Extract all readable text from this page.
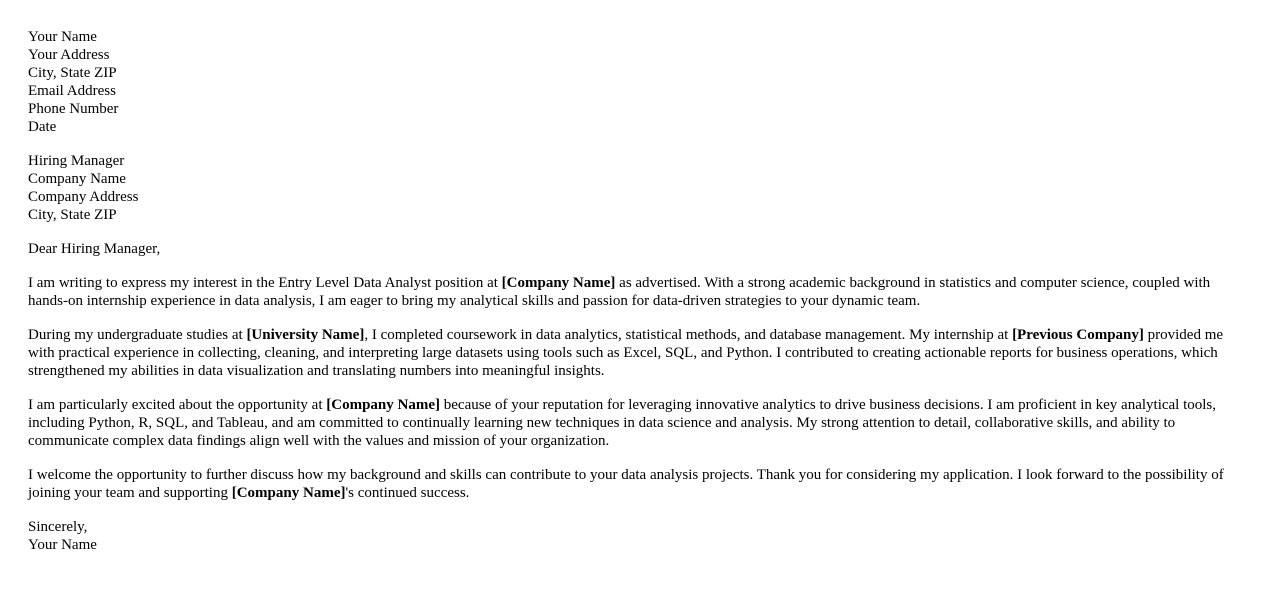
Your Name
Your Address
City, State ZIP
Email Address
Phone Number
Date
Hiring Manager
Company Name
Company Address
City, State ZIP
Dear Hiring Manager,

I am writing to express my interest in the Entry Level Data Analyst position at [Company Name] as advertised. With a strong academic background in statistics and computer science, coupled with hands-on internship experience in data analysis, I am eager to bring my analytical skills and passion for data-driven strategies to your dynamic team.

During my undergraduate studies at [University Name], I completed coursework in data analytics, statistical methods, and database management. My internship at [Previous Company] provided me with practical experience in collecting, cleaning, and interpreting large datasets using tools such as Excel, SQL, and Python. I contributed to creating actionable reports for business operations, which strengthened my abilities in data visualization and translating numbers into meaningful insights.

I am particularly excited about the opportunity at [Company Name] because of your reputation for leveraging innovative analytics to drive business decisions. I am proficient in key analytical tools, including Python, R, SQL, and Tableau, and am committed to continually learning new techniques in data science and analysis. My strong attention to detail, collaborative skills, and ability to communicate complex data findings align well with the values and mission of your organization.

I welcome the opportunity to further discuss how my background and skills can contribute to your data analysis projects. Thank you for considering my application. I look forward to the possibility of joining your team and supporting [Company Name]'s continued success.

Sincerely,
Your Name
